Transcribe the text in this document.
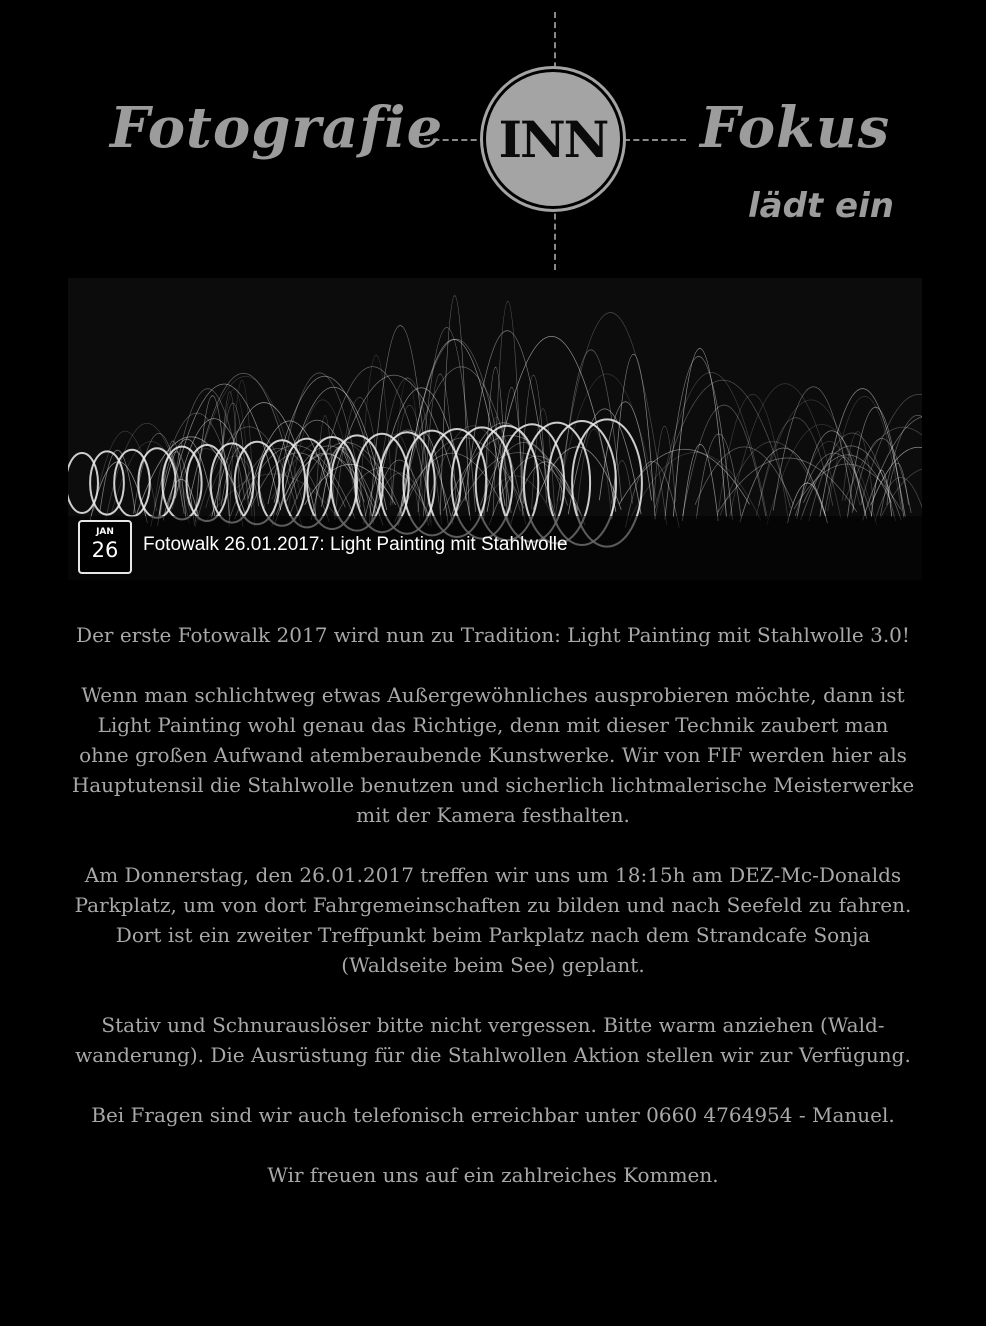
Fotografie INN Fokus
lädt ein
JAN
26	Fotowalk 26.01.2017: Light Painting mit Stahlwolle

Der erste Fotowalk 2017 wird nun zu Tradition: Light Painting mit Stahlwolle 3.0!

Wenn man schlichtweg etwas Außergewöhnliches ausprobieren möchte, dann ist Light Painting wohl genau das Richtige, denn mit dieser Technik zaubert man ohne großen Aufwand atemberaubende Kunstwerke. Wir von FIF werden hier als Hauptutensil die Stahlwolle benutzen und sicherlich lichtmalerische Meisterwerke mit der Kamera festhalten.

Am Donnerstag, den 26.01.2017 treffen wir uns um 18:15h am DEZ-Mc-Donalds Parkplatz, um von dort Fahrgemeinschaften zu bilden und nach Seefeld zu fahren. Dort ist ein zweiter Treffpunkt beim Parkplatz nach dem Strandcafe Sonja (Waldseite beim See) geplant.

Stativ und Schnurauslöser bitte nicht vergessen. Bitte warm anziehen (Wald-wanderung). Die Ausrüstung für die Stahlwollen Aktion stellen wir zur Verfügung.

Bei Fragen sind wir auch telefonisch erreichbar unter 0660 4764954 - Manuel.

Wir freuen uns auf ein zahlreiches Kommen.
